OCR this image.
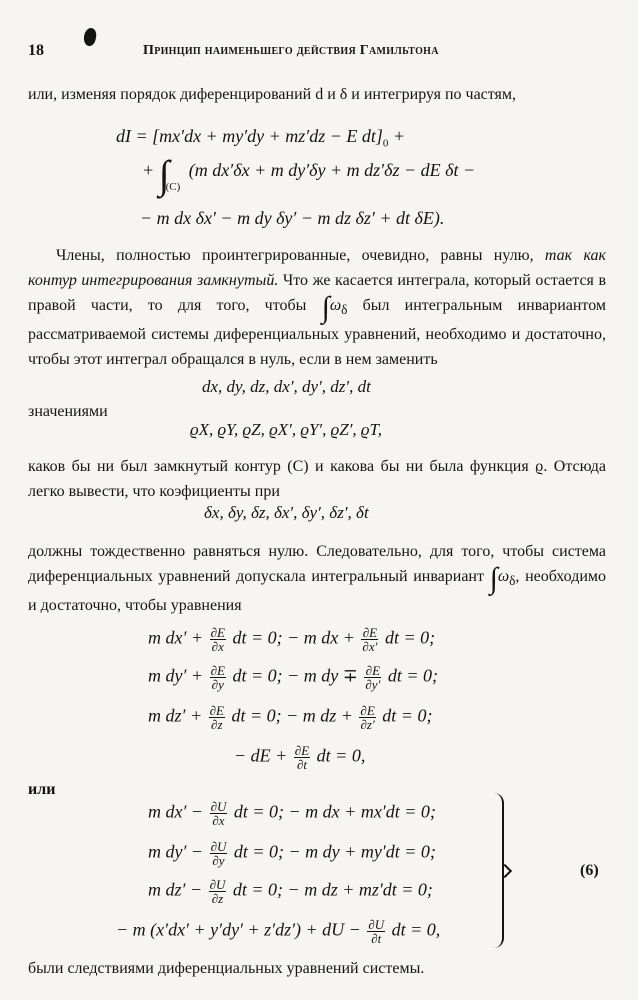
18	Принцип наименьшего действия Гамильтона
или, изменяя порядок диференцирований d и δ и интегрируя по частям,
dI = [mx′dx + my′dy + mz′dz − E $dt]_0$ +
+ $\int_{(C)}$ (m dx′δx + m dy′δy + m dz′δz − dE δt −
− m dx δx′ − m dy δy′ − m dz δz′ + dt δE).
Члены, полностью проинтегрированные, очевидно, равны нулю, так как контур интегрирования замкнутый. Что же касается интеграла, который остается в правой части, то для того, чтобы $\int\omega_\delta$ был интегральным инвариантом рассматриваемой системы диференциальных уравнений, необходимо и достаточно, чтобы этот интеграл обращался в нуль, если в нем заменить
dx, dy, dz, dx′, dy′, dz′, dt
значениями
ϱX, ϱY, ϱZ, ϱX′, ϱY′, ϱZ′, ϱT,
каков бы ни был замкнутый контур (C) и какова бы ни была функция ϱ. Отсюда легко вывести, что коэфициенты при
δx, δy, δz, δx′, δy′, δz′, δt
должны тождественно равняться нулю. Следовательно, для того, чтобы система диференциальных уравнений допускала интегральный инвариант $\int\omega_\delta$, необходимо и достаточно, чтобы уравнения
m $dx' + \frac{\partial E}{\partial x}$ dt = 0; − m dx + $\frac{\partial E}{\partial x'}$ dt = 0;
m $dy' + \frac{\partial E}{\partial y}$ dt = 0; − m dy ∓ $\frac{\partial E}{\partial y'}$ dt = 0;
m $dz' + \frac{\partial E}{\partial z}$ dt = 0; − m dz + $\frac{\partial E}{\partial z'}$ dt = 0;
− dE + $\frac{\partial E}{\partial t}$ dt = 0,
или
m $dx' - \frac{\partial U}{\partial x}$ dt = 0; − m dx + mx′dt = 0;
m $dy' - \frac{\partial U}{\partial y}$ dt = 0; − m dy + my′dt = 0;
m $dz' - \frac{\partial U}{\partial z}$ dt = 0; − m dz + mz′dt = 0;
− m (x′dx′ + y′dy′ + z′dz′) + dU − $\frac{\partial U}{\partial t}$ dt = 0,
(6)
были следствиями диференциальных уравнений системы.
